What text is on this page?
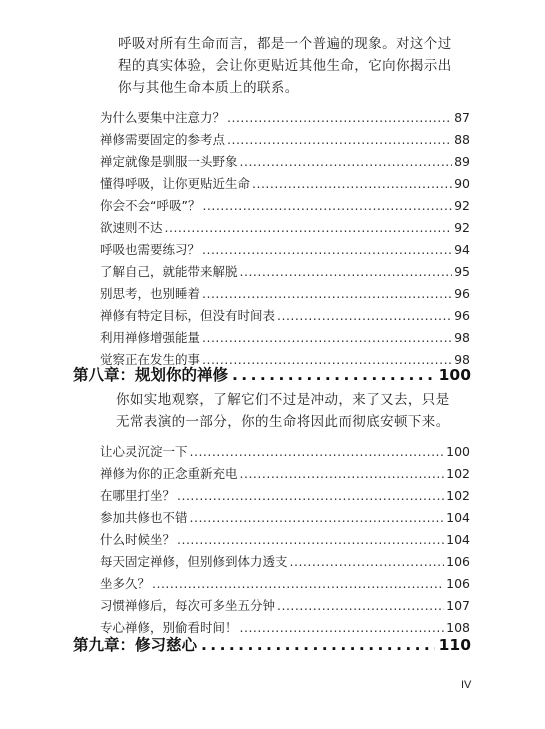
呼吸对所有生命而言，都是一个普遍的现象。对这个过

程的真实体验，会让你更贴近其他生命，它向你揭示出

你与其他生命本质上的联系。

为什么要集中注意力？ .....	87
禅修需要固定的参考点 .....	88
禅定就像是驯服一头野象 .....	89
懂得呼吸，让你更贴近生命 .....	90
你会不会“呼吸”？ .....	92
欲速则不达 .....	92
呼吸也需要练习？ .....	94
了解自己，就能带来解脱 .....	95
别思考，也别睡着 .....	96
禅修有特定目标，但没有时间表 .....	96
利用禅修增强能量 .....	98
觉察正在发生的事 .....	98
第八章：规划你的禅修 .....	100

你如实地观察，了解它们不过是冲动，来了又去，只是

无常表演的一部分，你的生命将因此而彻底安顿下来。

让心灵沉淀一下 .....	100
禅修为你的正念重新充电 .....	102
在哪里打坐？ .....	102
参加共修也不错 .....	104
什么时候坐？ .....	104
每天固定禅修，但别修到体力透支 .....	106
坐多久？ .....	106
习惯禅修后，每次可多坐五分钟 .....	107
专心禅修，别偷看时间！ .....	108
第九章：修习慈心 .....	110
IV
